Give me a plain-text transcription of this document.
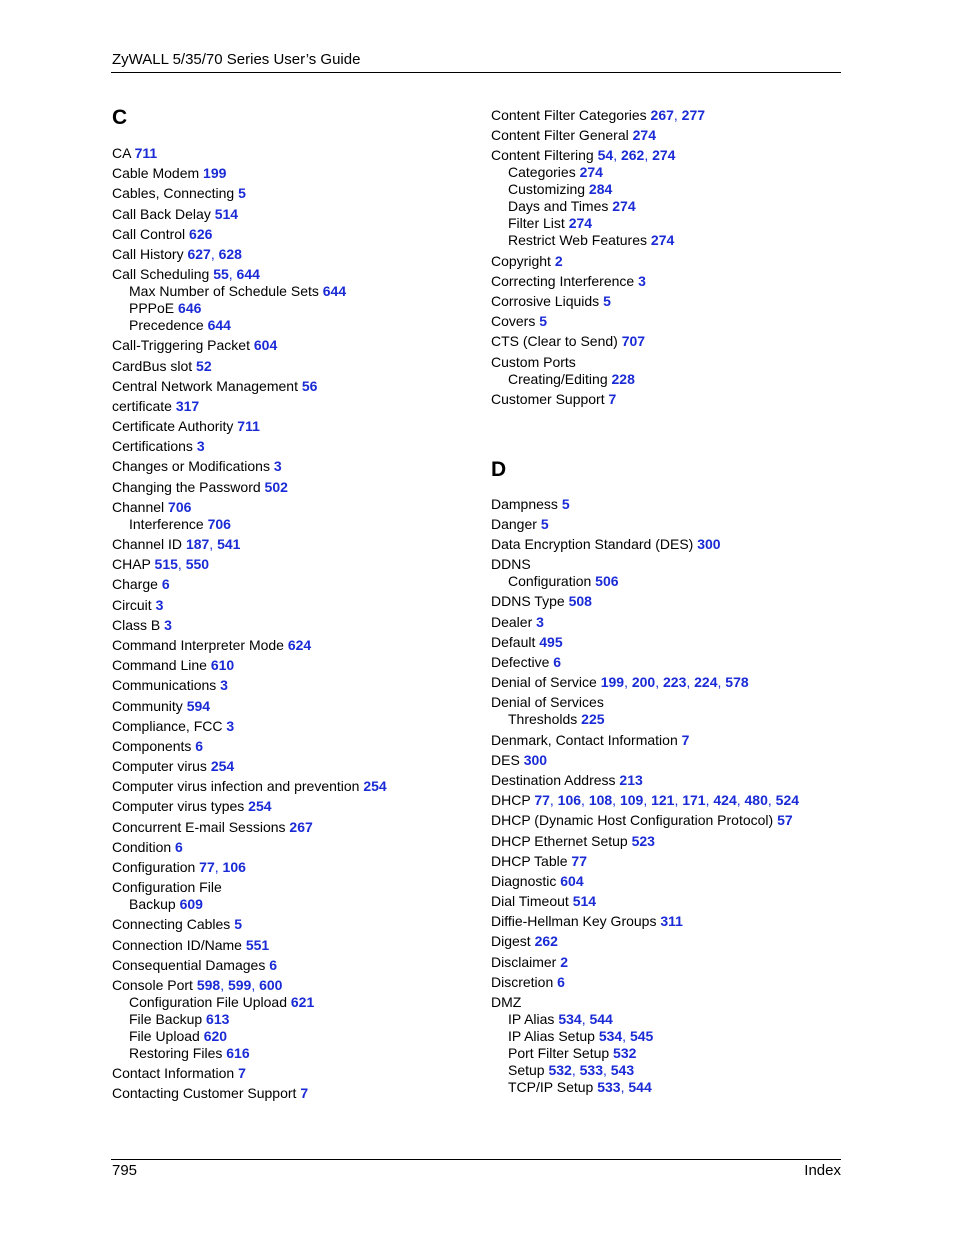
ZyWALL 5/35/70 Series User’s Guide
C
CA 711
Cable Modem 199
Cables, Connecting 5
Call Back Delay 514
Call Control 626
Call History 627, 628
Call Scheduling 55, 644
Max Number of Schedule Sets 644
PPPoE 646
Precedence 644
Call-Triggering Packet 604
CardBus slot 52
Central Network Management 56
certificate 317
Certificate Authority 711
Certifications 3
Changes or Modifications 3
Changing the Password 502
Channel 706
Interference 706
Channel ID 187, 541
CHAP 515, 550
Charge 6
Circuit 3
Class B 3
Command Interpreter Mode 624
Command Line 610
Communications 3
Community 594
Compliance, FCC 3
Components 6
Computer virus 254
Computer virus infection and prevention 254
Computer virus types 254
Concurrent E-mail Sessions 267
Condition 6
Configuration 77, 106
Configuration File
Backup 609
Connecting Cables 5
Connection ID/Name 551
Consequential Damages 6
Console Port 598, 599, 600
Configuration File Upload 621
File Backup 613
File Upload 620
Restoring Files 616
Contact Information 7
Contacting Customer Support 7
Content Filter Categories 267, 277
Content Filter General 274
Content Filtering 54, 262, 274
Categories 274
Customizing 284
Days and Times 274
Filter List 274
Restrict Web Features 274
Copyright 2
Correcting Interference 3
Corrosive Liquids 5
Covers 5
CTS (Clear to Send) 707
Custom Ports
Creating/Editing 228
Customer Support 7
D
Dampness 5
Danger 5
Data Encryption Standard (DES) 300
DDNS
Configuration 506
DDNS Type 508
Dealer 3
Default 495
Defective 6
Denial of Service 199, 200, 223, 224, 578
Denial of Services
Thresholds 225
Denmark, Contact Information 7
DES 300
Destination Address 213
DHCP 77, 106, 108, 109, 121, 171, 424, 480, 524
DHCP (Dynamic Host Configuration Protocol) 57
DHCP Ethernet Setup 523
DHCP Table 77
Diagnostic 604
Dial Timeout 514
Diffie-Hellman Key Groups 311
Digest 262
Disclaimer 2
Discretion 6
DMZ
IP Alias 534, 544
IP Alias Setup 534, 545
Port Filter Setup 532
Setup 532, 533, 543
TCP/IP Setup 533, 544
795	Index
